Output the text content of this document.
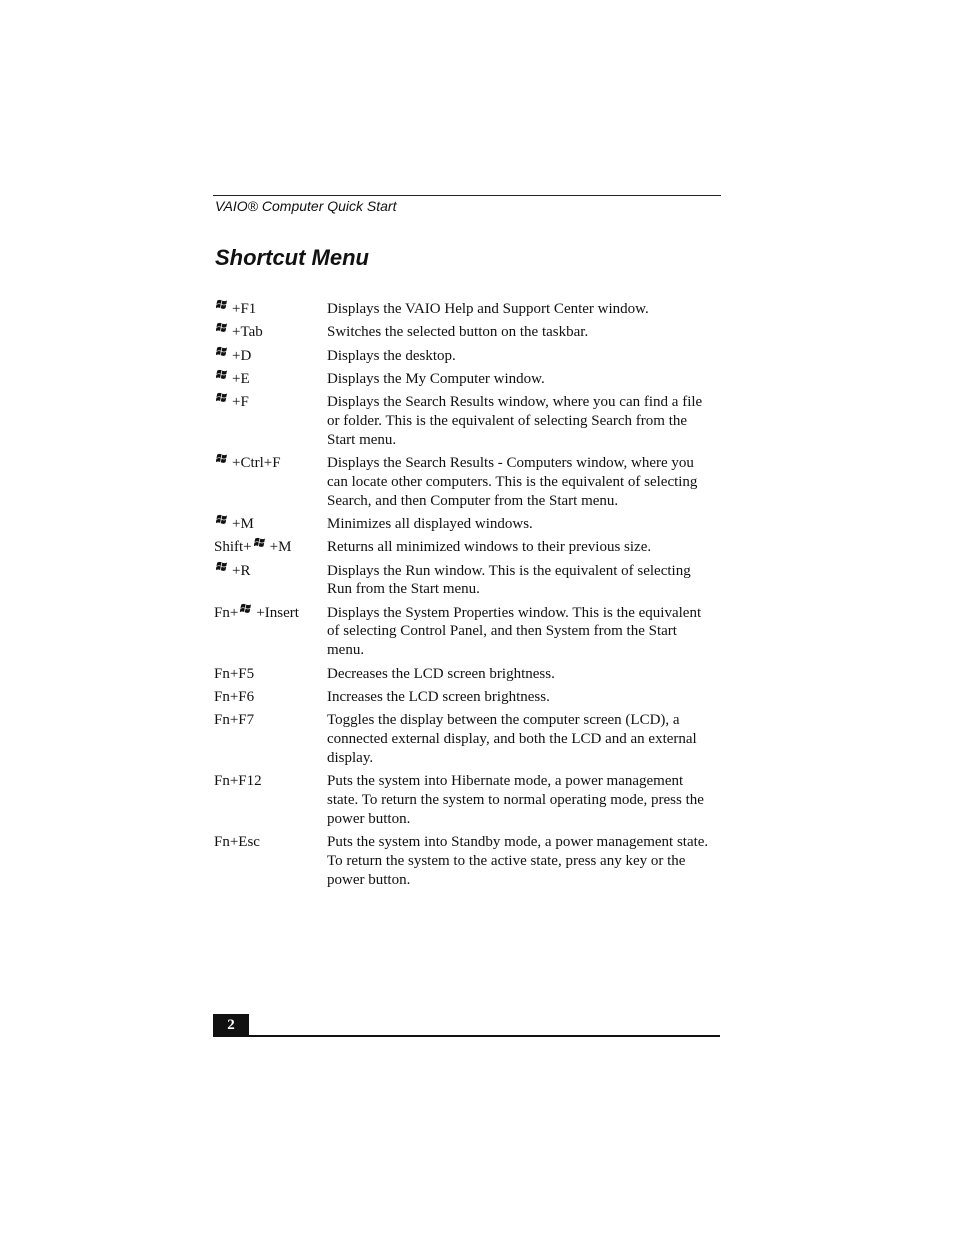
VAIO® Computer Quick Start
Shortcut Menu
+F1	Displays the VAIO Help and Support Center window.
+Tab	Switches the selected button on the taskbar.
+D	Displays the desktop.
+E	Displays the My Computer window.
+F	Displays the Search Results window, where you can find a file or folder. This is the equivalent of selecting Search from the Start menu.
+Ctrl+F	Displays the Search Results - Computers window, where you can locate other computers. This is the equivalent of selecting Search, and then Computer from the Start menu.
+M	Minimizes all displayed windows.
Shift+ +M	Returns all minimized windows to their previous size.
+R	Displays the Run window. This is the equivalent of selecting Run from the Start menu.
Fn+ +Insert	Displays the System Properties window. This is the equivalent of selecting Control Panel, and then System from the Start menu.
Fn+F5	Decreases the LCD screen brightness.
Fn+F6	Increases the LCD screen brightness.
Fn+F7	Toggles the display between the computer screen (LCD), a connected external display, and both the LCD and an external display.
Fn+F12	Puts the system into Hibernate mode, a power management state. To return the system to normal operating mode, press the power button.
Fn+Esc	Puts the system into Standby mode, a power management state. To return the system to the active state, press any key or the power button.
2
